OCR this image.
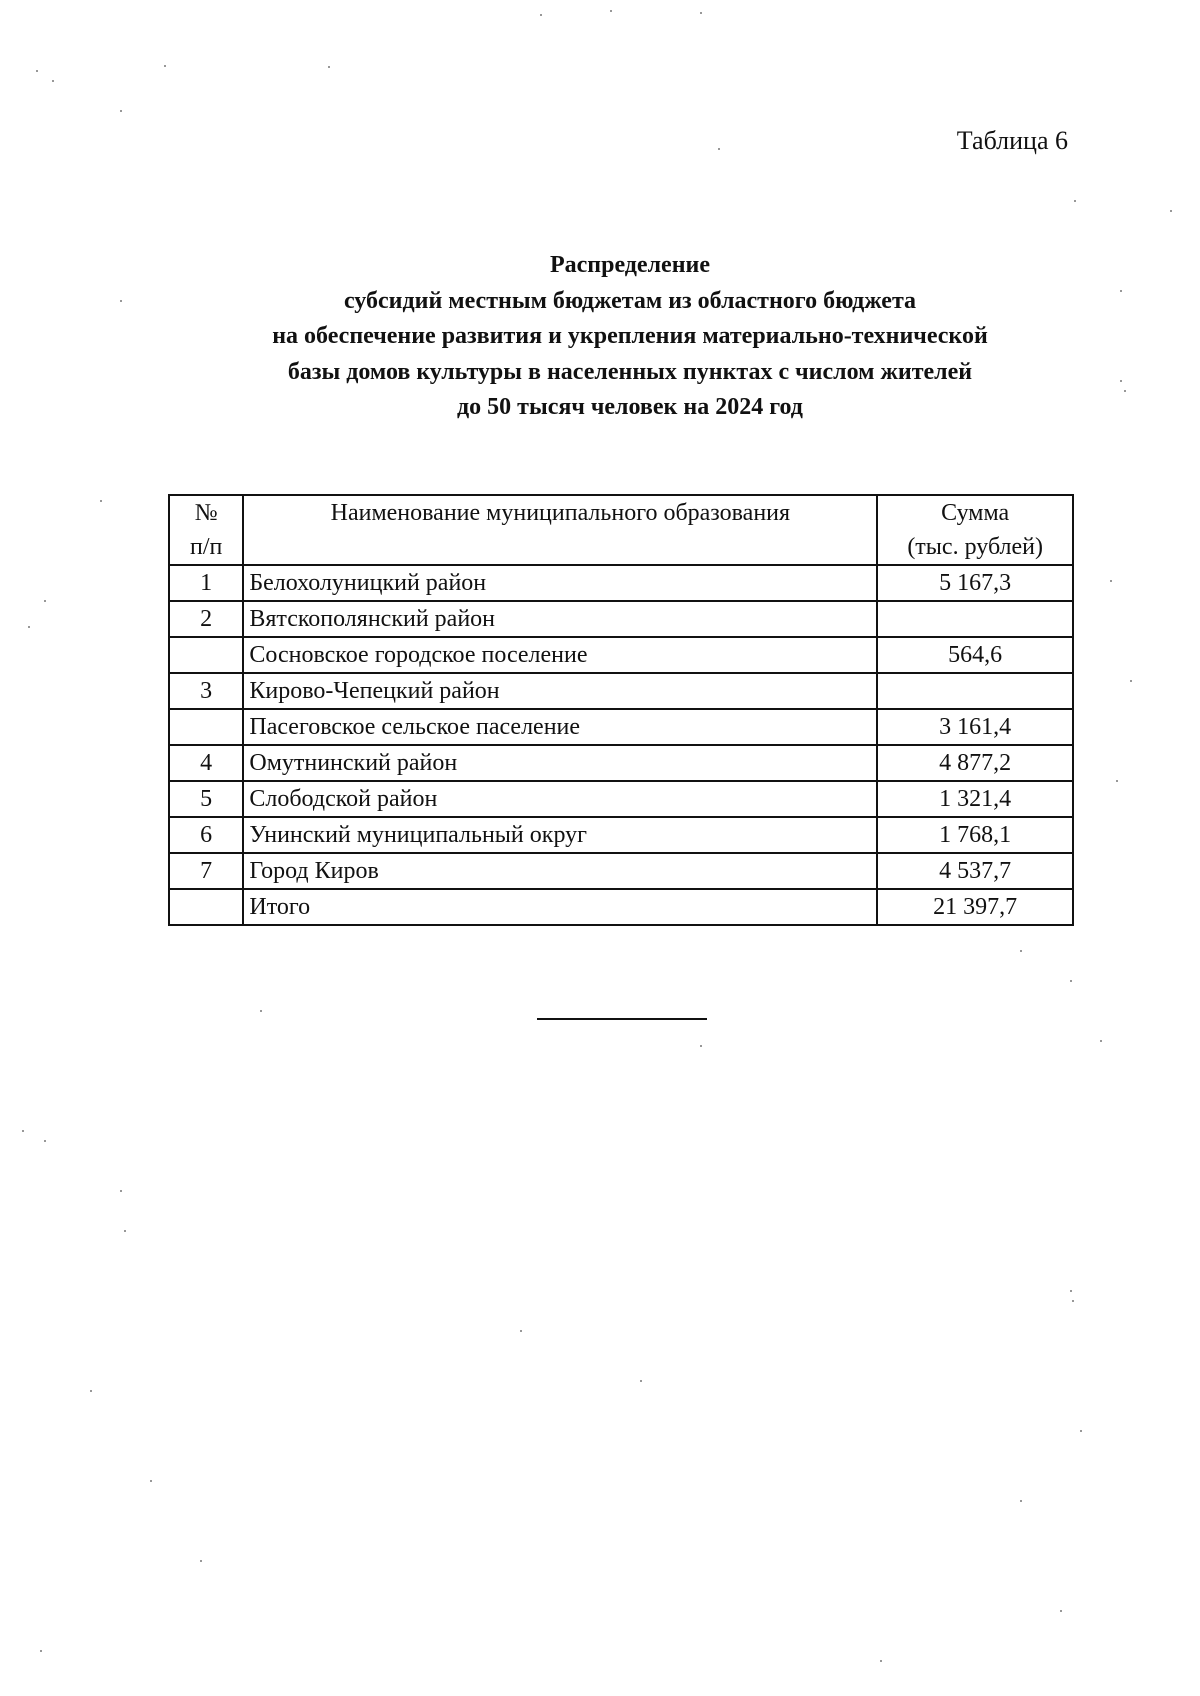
Таблица 6
Распределение
субсидий местным бюджетам из областного бюджета
на обеспечение развития и укрепления материально-технической
базы домов культуры в населенных пунктах с числом жителей
до 50 тысяч человек на 2024 год
№
п/п	Наименование муниципального образования	Сумма
(тыс. рублей)

1	Белохолуницкий район	5 167,3
2	Вятскополянский район	
	Сосновское городское поселение	564,6
3	Кирово-Чепецкий район	
	Пасеговское сельское паселение	3 161,4
4	Омутнинский район	4 877,2
5	Слободской район	1 321,4
6	Унинский муниципальный округ	1 768,1
7	Город Киров	4 537,7
	Итого	21 397,7
